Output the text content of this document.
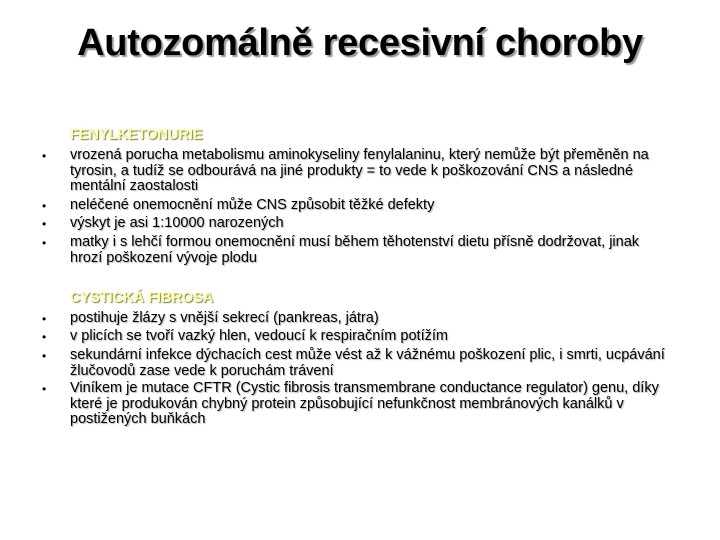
Autozomálně recesivní choroby
FENYLKETONURIE
• vrozená porucha metabolismu aminokyseliny fenylalaninu, který nemůže být přeměněn na tyrosin, a tudíž se odbourává na jiné produkty = to vede k poškozování CNS a následné mentální zaostalosti
• neléčené onemocnění může CNS způsobit těžké defekty
• výskyt je asi 1:10000 narozených
• matky i s lehčí formou onemocnění musí během těhotenství dietu přísně dodržovat, jinak hrozí poškození vývoje plodu
CYSTICKÁ FIBROSA
• postihuje žlázy s vnější sekrecí (pankreas, játra)
• v plicích se tvoří vazký hlen, vedoucí k respiračním potížím
• sekundární infekce dýchacích cest může vést až k vážnému poškození plic, i smrti, ucpávání žlučovodů zase vede k poruchám trávení
• Viníkem je mutace CFTR (Cystic fibrosis transmembrane conductance regulator) genu, díky které je produkován chybný protein způsobující nefunkčnost membránových kanálků v postižených buňkách
